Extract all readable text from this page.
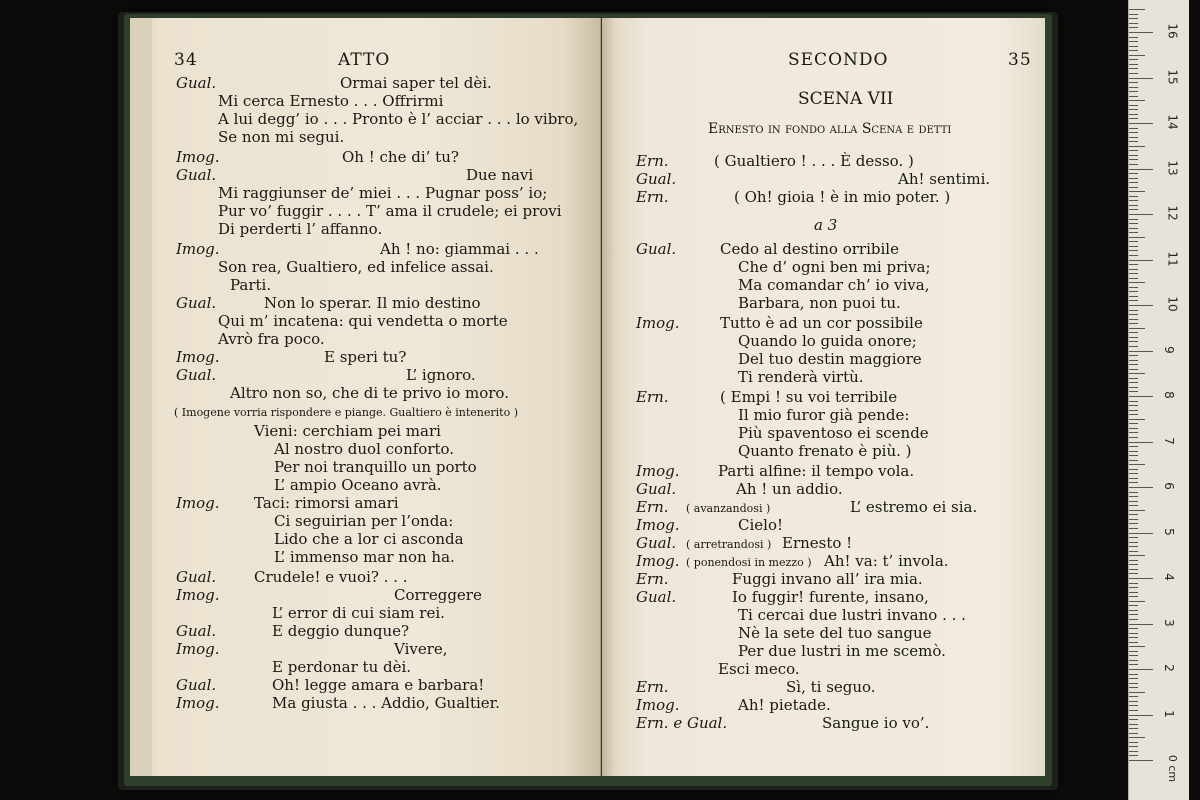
34	ATTO
Gual.	Ormai saper tel dèi.
Mi cerca Ernesto . . . Offrirmi
A lui degg’ io . . . Pronto è l’ acciar . . . lo vibro,
Se non mi segui.
Imog.	Oh ! che di’ tu?
Gual.	Due navi
Mi raggiunser de’ miei . . . Pugnar poss’ io;
Pur vo’ fuggir . . . . T’ ama il crudele; ei provi
Di perderti l’ affanno.
Imog.	Ah ! no: giammai . . .
Son rea, Gualtiero, ed infelice assai.
Parti.
Gual.	Non lo sperar. Il mio destino
Qui m’ incatena: qui vendetta o morte
Avrò fra poco.
Imog.	E speri tu?
Gual.	L’ ignoro.
Altro non so, che di te privo io moro.
( Imogene vorria rispondere e piange. Gualtiero è intenerito )
Vieni: cerchiam pei mari
Al nostro duol conforto.
Per noi tranquillo un porto
L’ ampio Oceano avrà.
Imog. Taci: rimorsi amari
Ci seguirian per l’onda:
Lido che a lor ci asconda
L’ immenso mar non ha.
Gual.	Crudele! e vuoi? . . .
Imog.	Correggere
L’ error di cui siam rei.
Gual.	E deggio dunque?
Imog.	Vivere,
E perdonar tu dèi.
Gual.	Oh! legge amara e barbara!
Imog.	Ma giusta . . . Addio, Gualtier.
SECONDO	35
SCENA VII
Ernesto in fondo alla Scena e detti
Ern.	( Gualtiero ! . . . È desso. )
Gual.	Ah! sentimi.
Ern.	( Oh! gioia ! è in mio poter. )
a 3
Gual.	Cedo al destino orribile
Che d’ ogni ben mi priva;
Ma comandar ch’ io viva,
Barbara, non puoi tu.
Imog.	Tutto è ad un cor possibile
Quando lo guida onore;
Del tuo destin maggiore
Ti renderà virtù.
Ern.	( Empi ! su voi terribile
Il mio furor già pende:
Più spaventoso ei scende
Quanto frenato è più. )
Imog.	Parti alfine: il tempo vola.
Gual.	Ah ! un addio.
Ern. ( avanzandosi )	L’ estremo ei sia.
Imog.	Cielo!
Gual. ( arretrandosi ) Ernesto !
Imog. ( ponendosi in mezzo ) Ah! va: t’ invola.
Ern.	Fuggi invano all’ ira mia.
Gual.	Io fuggir! furente, insano,
Ti cercai due lustri invano . . .
Nè la sete del tuo sangue
Per due lustri in me scemò.
Esci meco.
Ern.	Sì, ti seguo.
Imog.	Ah! pietade.
Ern. e Gual.	Sangue io vo’.
0 cm
1
2
3
4
5
6
7
8
9
10
11
12
13
14
15
16
